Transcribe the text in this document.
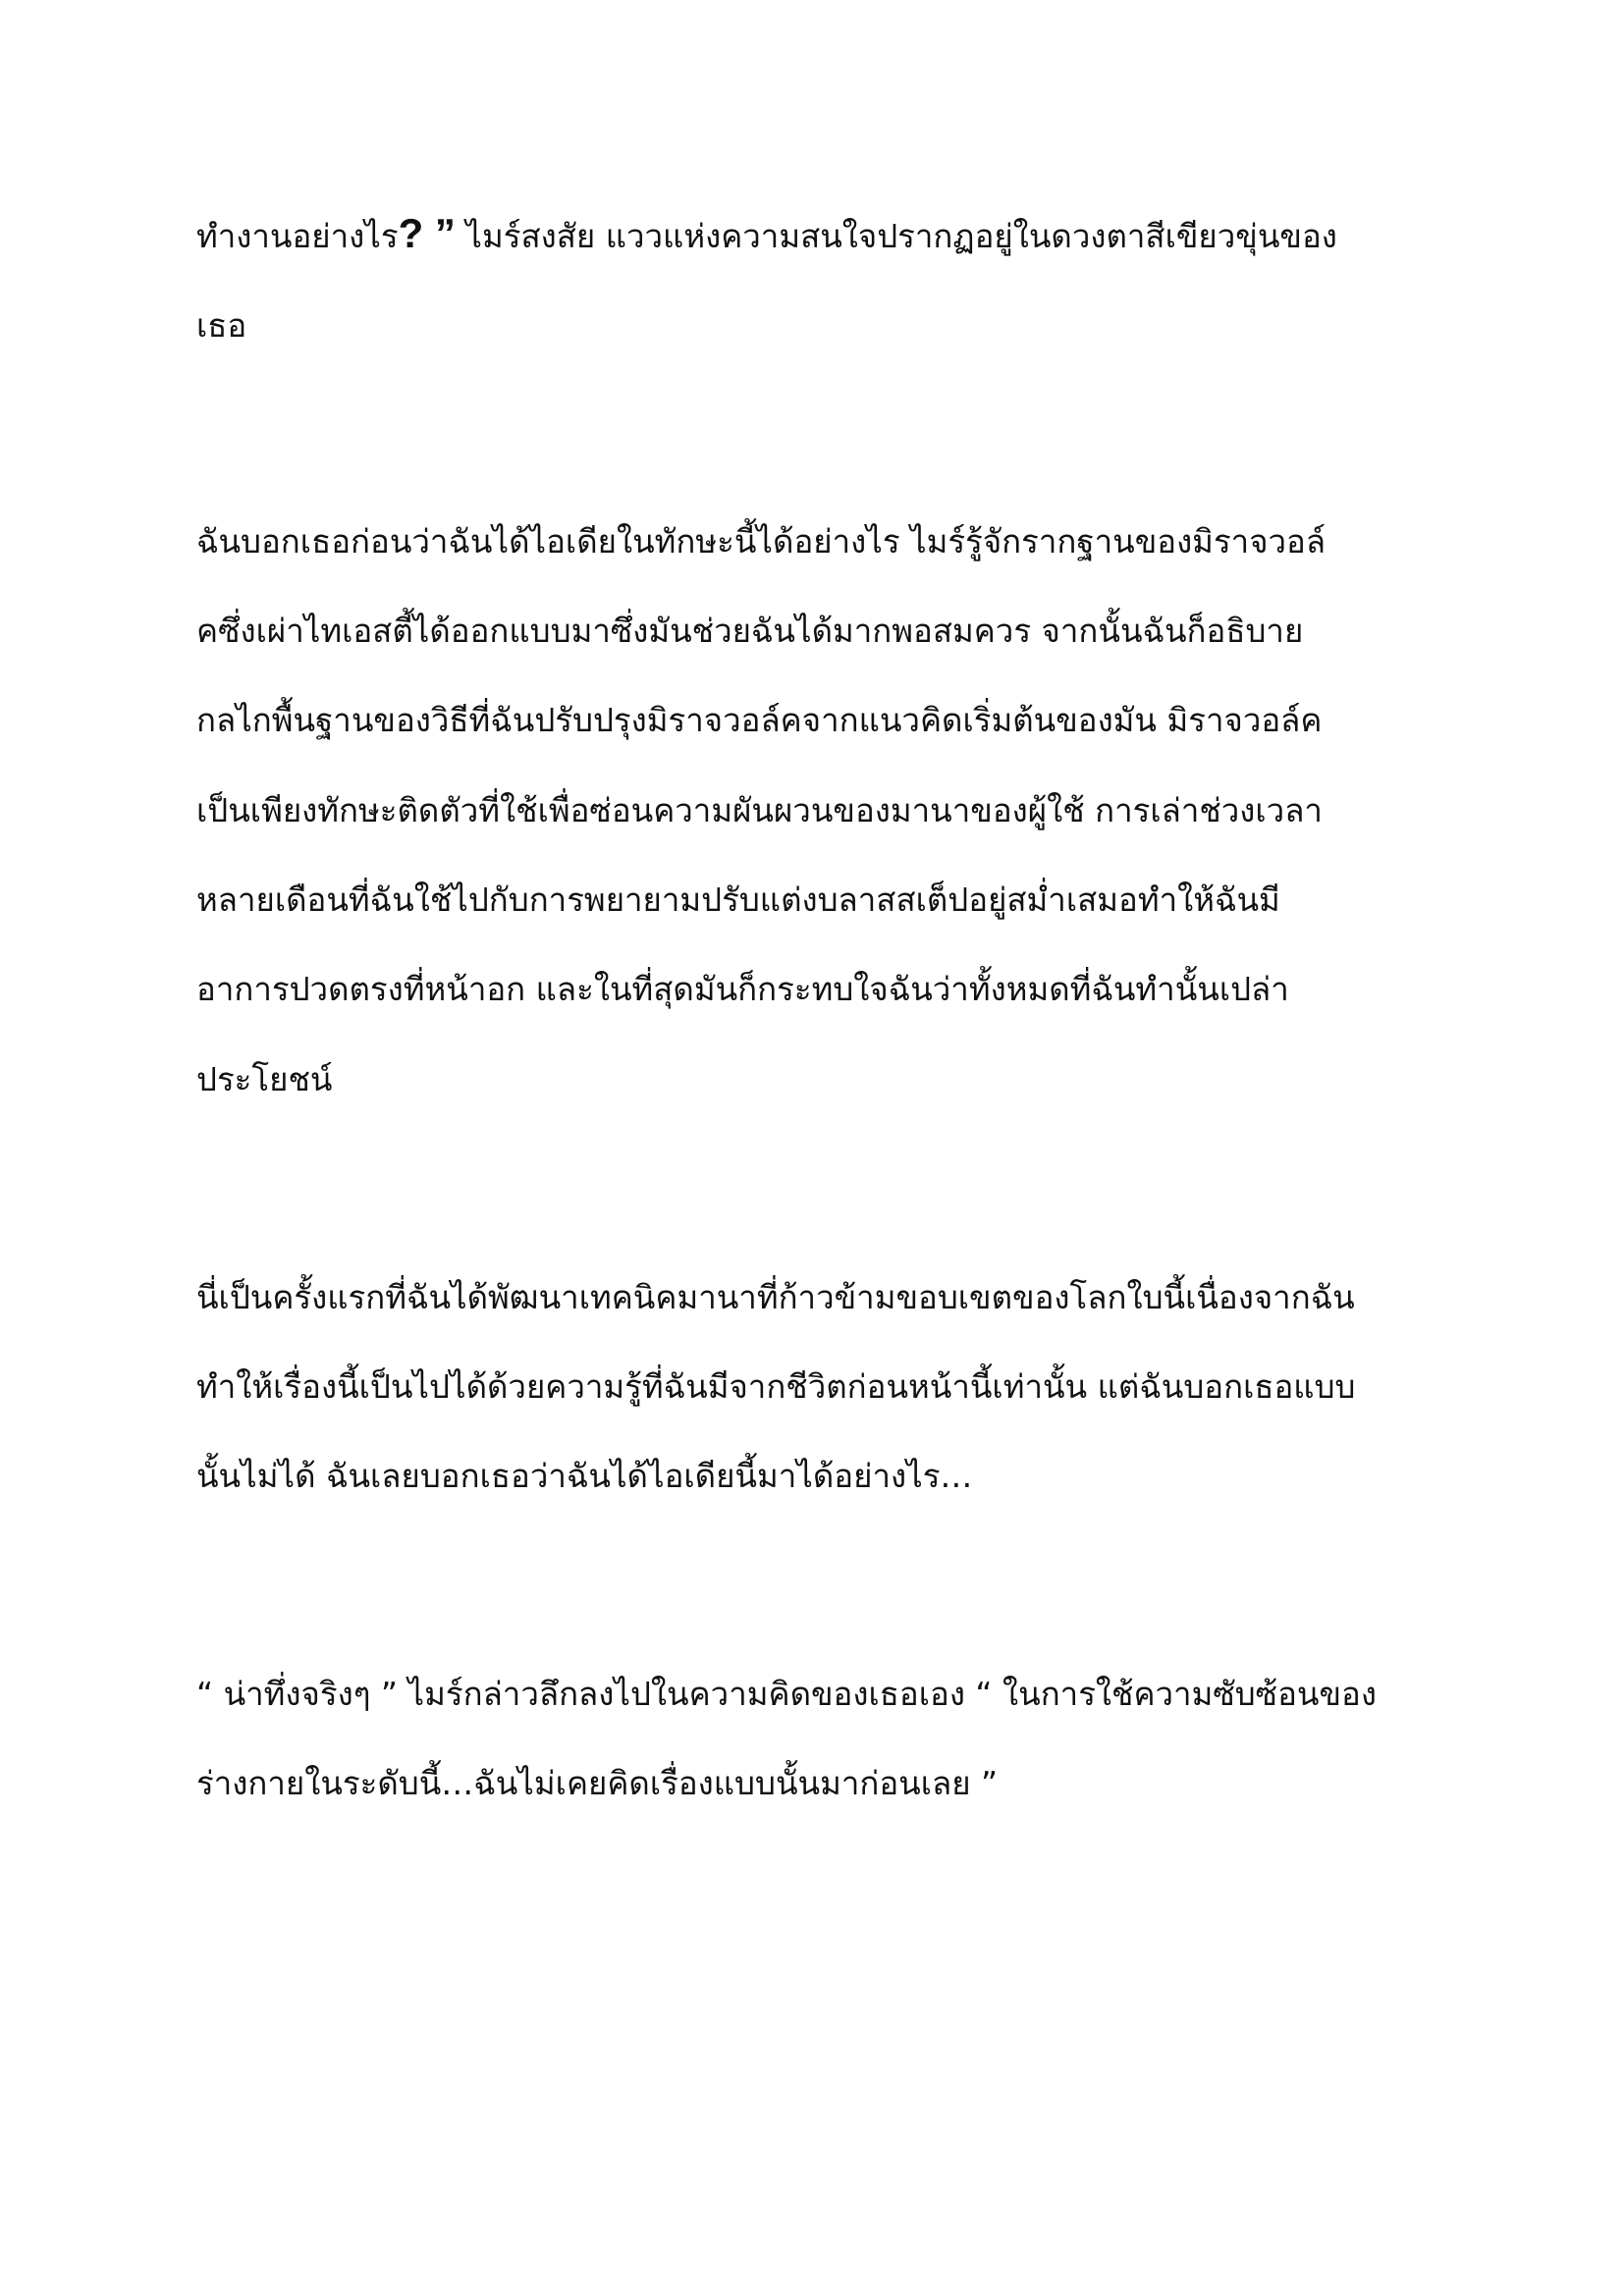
ทำงานอย่างไร? ” ไมร์สงสัย แววแห่งความสนใจปรากฏอยู่ในดวงตาสีเขียวขุ่นของ

เธอ

ฉันบอกเธอก่อนว่าฉันได้ไอเดียในทักษะนี้ได้อย่างไร ไมร์รู้จักรากฐานของมิราจวอล์

คซึ่งเผ่าไทเอสตี้ได้ออกแบบมาซึ่งมันช่วยฉันได้มากพอสมควร จากนั้นฉันก็อธิบาย

กลไกพื้นฐานของวิธีที่ฉันปรับปรุงมิราจวอล์คจากแนวคิดเริ่มต้นของมัน มิราจวอล์ค

เป็นเพียงทักษะติดตัวที่ใช้เพื่อซ่อนความผันผวนของมานาของผู้ใช้ การเล่าช่วงเวลา

หลายเดือนที่ฉันใช้ไปกับการพยายามปรับแต่งบลาสสเต็ปอยู่สม่ำเสมอทำให้ฉันมี

อาการปวดตรงที่หน้าอก และในที่สุดมันก็กระทบใจฉันว่าทั้งหมดที่ฉันทำนั้นเปล่า

ประโยชน์

นี่เป็นครั้งแรกที่ฉันได้พัฒนาเทคนิคมานาที่ก้าวข้ามขอบเขตของโลกใบนี้เนื่องจากฉัน

ทำให้เรื่องนี้เป็นไปได้ด้วยความรู้ที่ฉันมีจากชีวิตก่อนหน้านี้เท่านั้น แต่ฉันบอกเธอแบบ

นั้นไม่ได้ ฉันเลยบอกเธอว่าฉันได้ไอเดียนี้มาได้อย่างไร…

“ น่าทึ่งจริงๆ ” ไมร์กล่าวลึกลงไปในความคิดของเธอเอง “ ในการใช้ความซับซ้อนของ

ร่างกายในระดับนี้…ฉันไม่เคยคิดเรื่องแบบนั้นมาก่อนเลย ”
